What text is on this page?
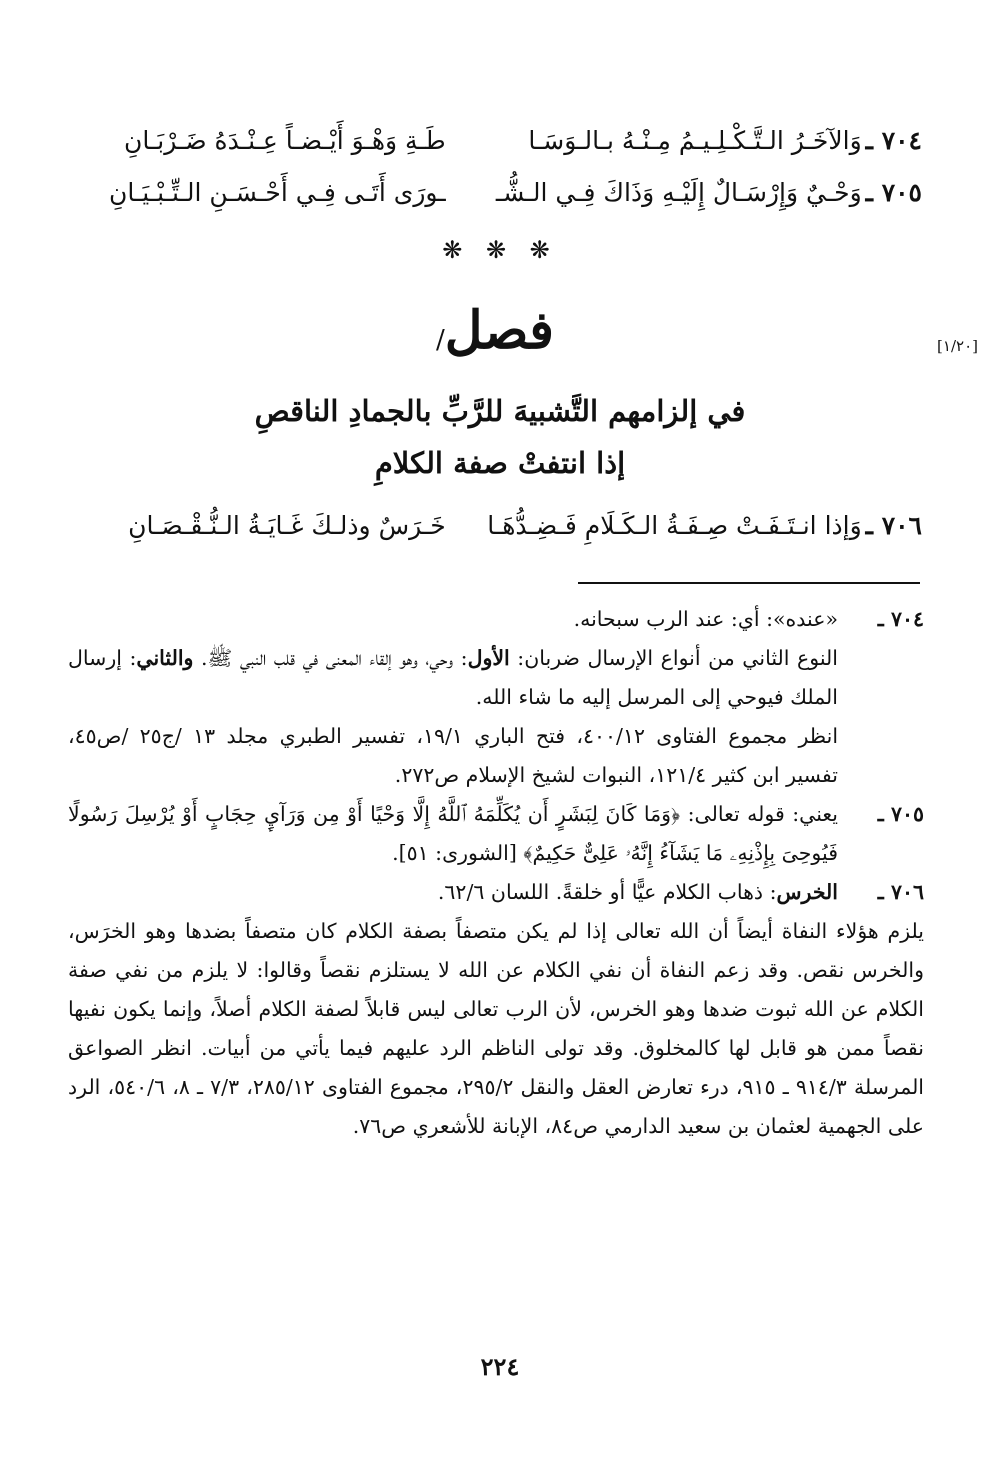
٧٠٤ ـ
وَالآخَـرُ الـتَّـكْـلِـيـمُ مِـنْـهُ بـالـوَسَـا
طَـةِ وَهْـوَ أَيْـضـاً عِـنْـدَهُ ضَـرْبَـانِ
٧٠٥ ـ
وَحْـيٌ وَإِرْسَـالٌ إِلَيْـهِ وَذَاكَ فِـي الـشُّـ
ـورَى أَتَـى فِـي أَحْـسَـنِ الـتِّـبْـيَـانِ
❋ ❋ ❋
فصل/	[١/٢٠]
في إلزامهم التَّشبيهَ للرَّبِّ بالجمادِ الناقصِ
إذا انتفتْ صفة الكلامِ
٧٠٦ ـ
وَإذا انـتَـفَـتْ صِـفَـةُ الـكَـلَامِ فَـضِـدُّهَـا
خَـرَسٌ وذلـكَ غَـايَـةُ الـنُّـقْـصَـانِ
٧٠٤ ـ

«عنده»: أي: عند الرب سبحانه.

النوع الثاني من أنواع الإرسال ضربان: الأول: وحي، وهو إلقاء المعنى في قلب النبي ﷺ. والثاني: إرسال الملك فيوحي إلى المرسل إليه ما شاء الله.

انظر مجموع الفتاوى ٤٠٠/١٢، فتح الباري ١٩/١، تفسير الطبري مجلد ١٣ /ج٢٥ /ص٤٥، تفسير ابن كثير ١٢١/٤، النبوات لشيخ الإسلام ص٢٧٢.

٧٠٥ ـ

يعني: قوله تعالى: ﴿وَمَا كَانَ لِبَشَرٍ أَن يُكَلِّمَهُ ٱللَّهُ إِلَّا وَحْيًا أَوْ مِن وَرَآيِٕ حِجَابٍ أَوْ يُرْسِلَ رَسُولًا فَيُوحِىَ بِإِذْنِهِۦ مَا يَشَآءُ إِنَّهُۥ عَلِىٌّ حَكِيمٌ﴾ [الشورى: ٥١].

٧٠٦ ـ

الخرس: ذهاب الكلام عيًّا أو خلقةً. اللسان ٦٢/٦.

يلزم هؤلاء النفاة أيضاً أن الله تعالى إذا لم يكن متصفاً بصفة الكلام كان متصفاً بضدها وهو الخرَس، والخرس نقص. وقد زعم النفاة أن نفي الكلام عن الله لا يستلزم نقصاً وقالوا: لا يلزم من نفي صفة الكلام عن الله ثبوت ضدها وهو الخرس، لأن الرب تعالى ليس قابلاً لصفة الكلام أصلاً، وإنما يكون نفيها نقصاً ممن هو قابل لها كالمخلوق. وقد تولى الناظم الرد عليهم فيما يأتي من أبيات. انظر الصواعق المرسلة ٩١٤/٣ ـ ٩١٥، درء تعارض العقل والنقل ٢٩٥/٢، مجموع الفتاوى ٢٨٥/١٢، ٧/٣ ـ ٨، ٥٤٠/٦، الرد على الجهمية لعثمان بن سعيد الدارمي ص٨٤، الإبانة للأشعري ص٧٦.

٢٢٤
